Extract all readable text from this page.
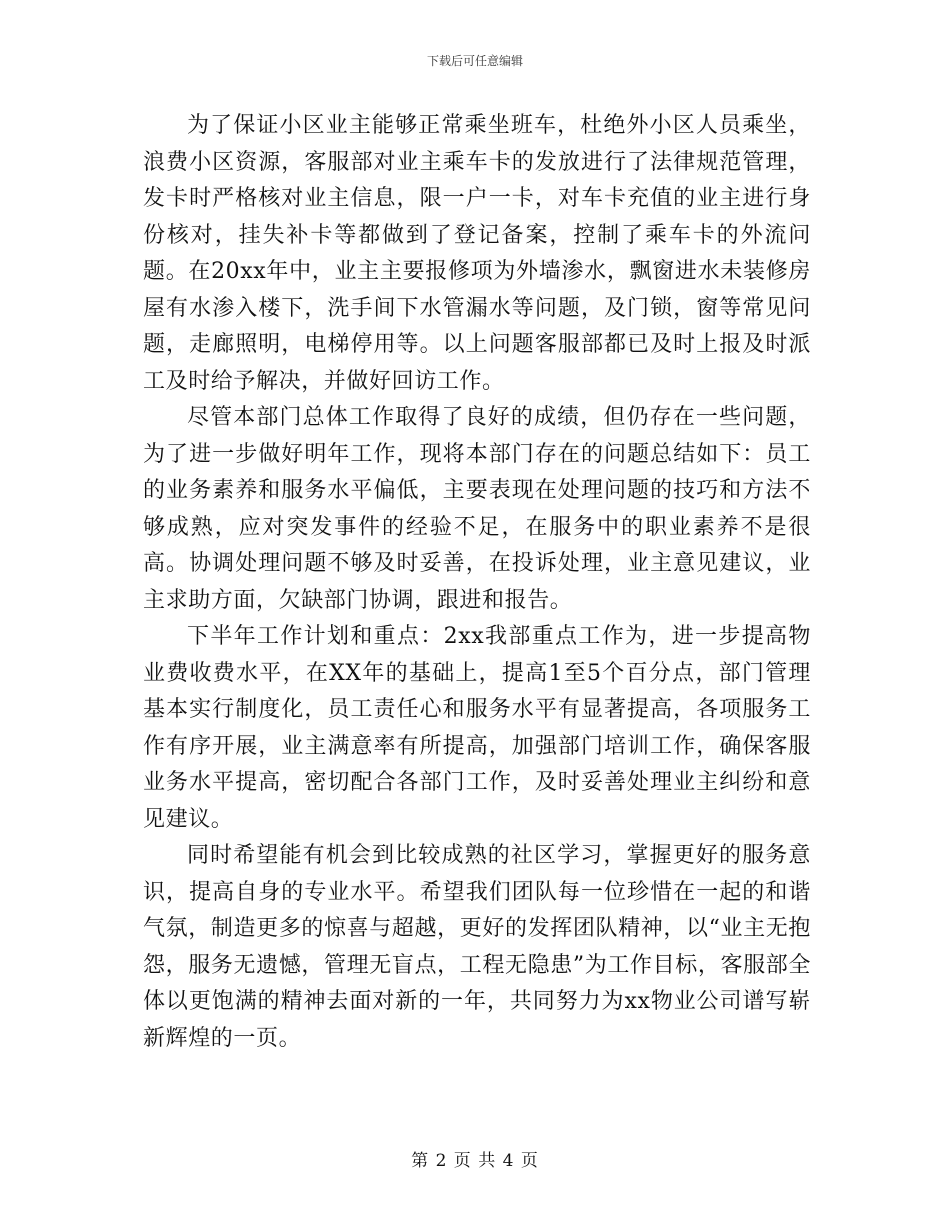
下载后可任意编辑

为了保证小区业主能够正常乘坐班车，杜绝外小区人员乘坐，浪费小区资源，客服部对业主乘车卡的发放进行了法律规范管理，发卡时严格核对业主信息，限一户一卡，对车卡充值的业主进行身份核对，挂失补卡等都做到了登记备案，控制了乘车卡的外流问题。在20xx年中，业主主要报修项为外墙渗水，飘窗进水未装修房屋有水渗入楼下，洗手间下水管漏水等问题，及门锁，窗等常见问题，走廊照明，电梯停用等。以上问题客服部都已及时上报及时派工及时给予解决，并做好回访工作。

尽管本部门总体工作取得了良好的成绩，但仍存在一些问题，为了进一步做好明年工作，现将本部门存在的问题总结如下：员工的业务素养和服务水平偏低，主要表现在处理问题的技巧和方法不够成熟，应对突发事件的经验不足，在服务中的职业素养不是很高。协调处理问题不够及时妥善，在投诉处理，业主意见建议，业主求助方面，欠缺部门协调，跟进和报告。

下半年工作计划和重点：2xx我部重点工作为，进一步提高物业费收费水平，在XX年的基础上，提高1至5个百分点，部门管理基本实行制度化，员工责任心和服务水平有显著提高，各项服务工作有序开展，业主满意率有所提高，加强部门培训工作，确保客服业务水平提高，密切配合各部门工作，及时妥善处理业主纠纷和意见建议。

同时希望能有机会到比较成熟的社区学习，掌握更好的服务意识，提高自身的专业水平。希望我们团队每一位珍惜在一起的和谐气氛，制造更多的惊喜与超越，更好的发挥团队精神，以“业主无抱怨，服务无遗憾，管理无盲点，工程无隐患”为工作目标，客服部全体以更饱满的精神去面对新的一年，共同努力为xx物业公司谱写崭新辉煌的一页。

第 2 页 共 4 页
